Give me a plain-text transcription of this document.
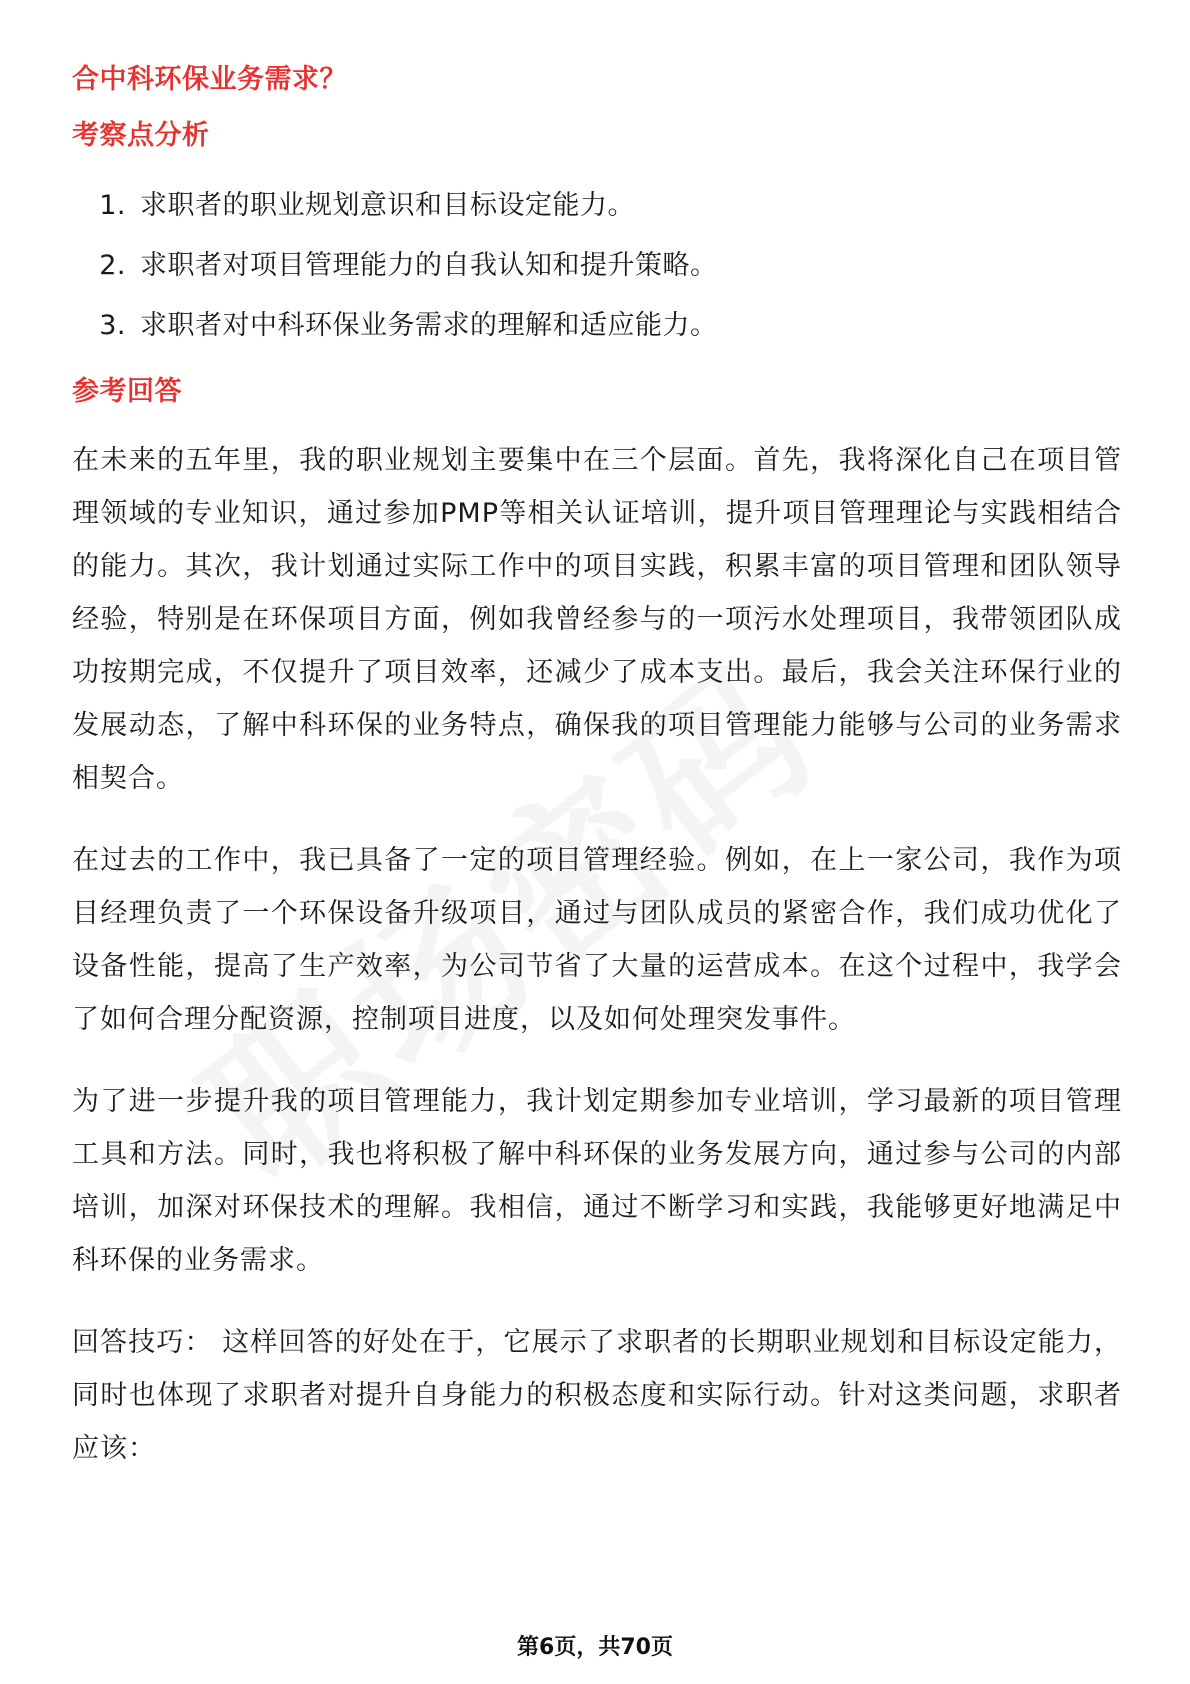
合中科环保业务需求？
考察点分析
1. 求职者的职业规划意识和目标设定能力。
2. 求职者对项目管理能力的自我认知和提升策略。
3. 求职者对中科环保业务需求的理解和适应能力。
参考回答

在未来的五年里，我的职业规划主要集中在三个层面。首先，我将深化自己在项目管理领域的专业知识，通过参加PMP等相关认证培训，提升项目管理理论与实践相结合的能力。其次，我计划通过实际工作中的项目实践，积累丰富的项目管理和团队领导经验，特别是在环保项目方面，例如我曾经参与的一项污水处理项目，我带领团队成功按期完成，不仅提升了项目效率，还减少了成本支出。最后，我会关注环保行业的发展动态，了解中科环保的业务特点，确保我的项目管理能力能够与公司的业务需求相契合。

在过去的工作中，我已具备了一定的项目管理经验。例如，在上一家公司，我作为项目经理负责了一个环保设备升级项目，通过与团队成员的紧密合作，我们成功优化了设备性能，提高了生产效率，为公司节省了大量的运营成本。在这个过程中，我学会了如何合理分配资源，控制项目进度，以及如何处理突发事件。

为了进一步提升我的项目管理能力，我计划定期参加专业培训，学习最新的项目管理工具和方法。同时，我也将积极了解中科环保的业务发展方向，通过参与公司的内部培训，加深对环保技术的理解。我相信，通过不断学习和实践，我能够更好地满足中科环保的业务需求。

回答技巧： 这样回答的好处在于，它展示了求职者的长期职业规划和目标设定能力，同时也体现了求职者对提升自身能力的积极态度和实际行动。针对这类问题，求职者应该：

第6页，共70页
